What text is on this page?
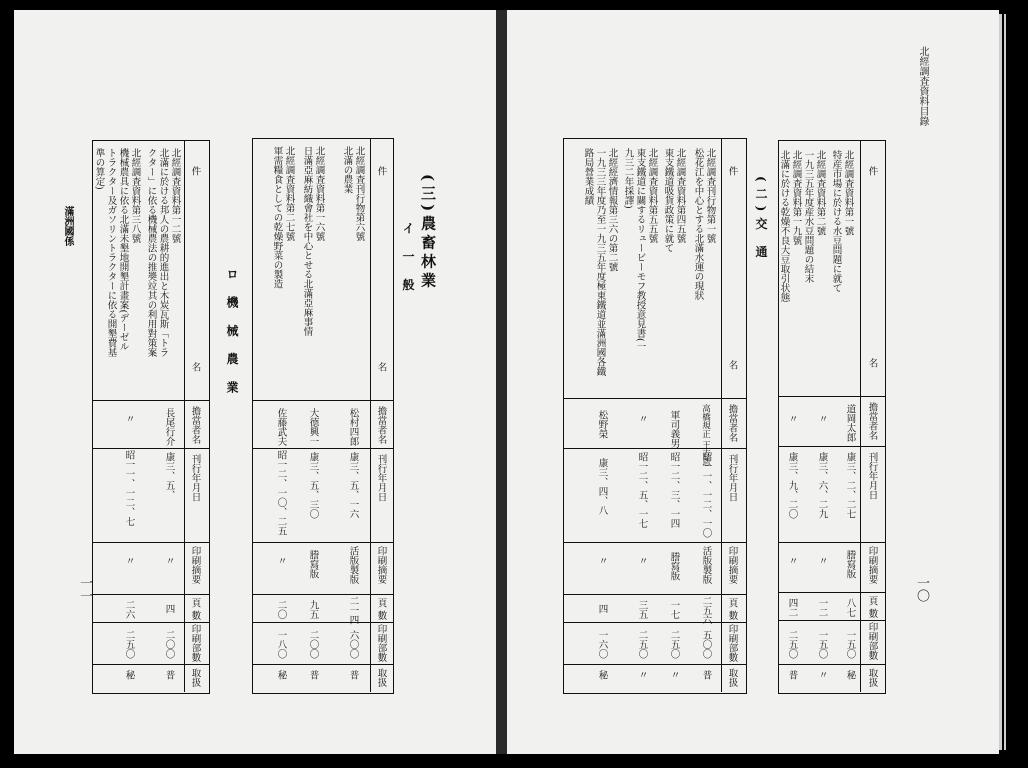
北經調査資料目錄
一〇
件
名
擔當者名
刊行年月日
印刷摘要
頁 數
印刷部數
取扱
北經調査資料第一號
特産市場に於ける水豆問題に就て
道岡太郎
康三、二、二七
謄寫版
八七
一五〇
秘
北經調査資料第二號
一九三五年度産水豆問題の結末
〃
康三、六、二九
〃
一二
一五〇
〃
北經調査資料第一九號
北滿に於ける乾燥不良大豆取引状態
〃
康三、九、二〇
〃
四二
二五〇
普
(二)交 通
件
名
擔當者名
刊行年月日
印刷摘要
頁 數
印刷部數
取扱
北經調査刊行物第一號
松花江を中心とする北滿水運の現狀
高橋規正 王吉恩
昭一一、一二、一〇
活版製版
二五六
五〇〇
普
北經調査資料第四五號
東支鐵道吸貨政策に就て
軍司義男
昭一二、三、一四
謄寫版
一七
二五〇
〃
北經調査資料第五五號
東支鐵道に關するリュービーモフ教授意見書(一
九三二年採譯)
〃
昭一二、五、一七
〃
三五
二五〇
〃
北經經濟情報第三六の第二號
一九三三年度乃至一九三五年度極東鐵道並滿洲國各鐵
路局營業成績
松野榮
康三、四、八
〃
四
一六〇
秘
(三)農畜林業
イ 一 般
件
名
擔當者名
刊行年月日
印刷摘要
頁 數
印刷部數
取扱
北經調査刊行物第六號
北滿の農業
松村四郎
康三、五、一六
活版製版
二一四
六〇〇
普
北經調査資料第一六號
日滿亞麻紡織會社を中心とせる北滿亞麻事情
大德興一
康三、五、三〇
謄寫版
九五
二〇〇
普
北經調査資料第二七號
軍需糧食としての乾燥野菜の製造
佐藤武夫
昭一二、一〇、二五
〃
二〇
一八〇
秘
ロ 機 械 農 業
件
名
擔當者名
刊行年月日
印刷摘要
頁 數
印刷部數
取扱
北經調査資料第一二號
北滿に於ける邦人の農耕的進出と木炭瓦斯「トラ
クター」に依る機械農法の推奬竝其の利用對策案
長尾行介
康三、五、
〃
四
二〇〇
普
北經調査資料第三八號
機械農具に依る北滿未墾地開墾計畫案(デーゼル
トラクター及ガソリントラクターに依る開墾費基
準の算定)
〃
昭一一、一二、七
〃
二六
二五〇
秘
一一
滿洲國係
